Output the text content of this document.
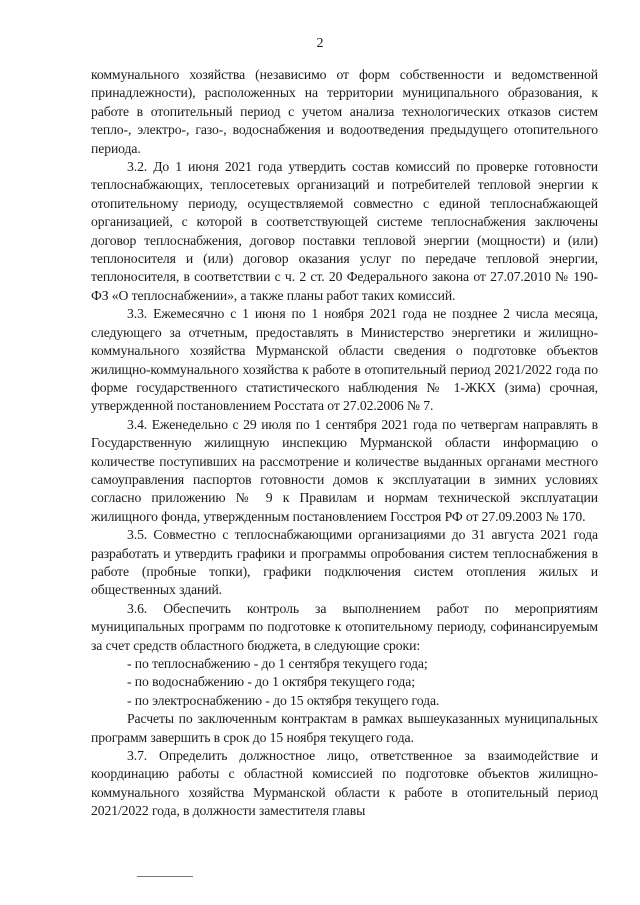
2

коммунального хозяйства (независимо от форм собственности и ведомственной принадлежности), расположенных на территории муниципального образования, к работе в отопительный период с учетом анализа технологических отказов систем тепло-, электро-, газо-, водоснабжения и водоотведения предыдущего отопительного периода.

3.2. До 1 июня 2021 года утвердить состав комиссий по проверке готовности теплоснабжающих, теплосетевых организаций и потребителей тепловой энергии к отопительному периоду, осуществляемой совместно с единой теплоснабжающей организацией, с которой в соответствующей системе теплоснабжения заключены договор теплоснабжения, договор поставки тепловой энергии (мощности) и (или) теплоносителя и (или) договор оказания услуг по передаче тепловой энергии, теплоносителя, в соответствии с ч. 2 ст. 20 Федерального закона от 27.07.2010 № 190-ФЗ «О теплоснабжении», а также планы работ таких комиссий.

3.3. Ежемесячно с 1 июня по 1 ноября 2021 года не позднее 2 числа месяца, следующего за отчетным, предоставлять в Министерство энергетики и жилищно-коммунального хозяйства Мурманской области сведения о подготовке объектов жилищно-коммунального хозяйства к работе в отопительный период 2021/2022 года по форме государственного статистического наблюдения № 1-ЖКХ (зима) срочная, утвержденной постановлением Росстата от 27.02.2006 № 7.

3.4. Еженедельно с 29 июля по 1 сентября 2021 года по четвергам направлять в Государственную жилищную инспекцию Мурманской области информацию о количестве поступивших на рассмотрение и количестве выданных органами местного самоуправления паспортов готовности домов к эксплуатации в зимних условиях согласно приложению № 9 к Правилам и нормам технической эксплуатации жилищного фонда, утвержденным постановлением Госстроя РФ от 27.09.2003 № 170.

3.5. Совместно с теплоснабжающими организациями до 31 августа 2021 года разработать и утвердить графики и программы опробования систем теплоснабжения в работе (пробные топки), графики подключения систем отопления жилых и общественных зданий.

3.6. Обеспечить контроль за выполнением работ по мероприятиям муниципальных программ по подготовке к отопительному периоду, софинансируемым за счет средств областного бюджета, в следующие сроки:

- по теплоснабжению - до 1 сентября текущего года;
- по водоснабжению - до 1 октября текущего года;
- по электроснабжению - до 15 октября текущего года.

Расчеты по заключенным контрактам в рамках вышеуказанных муниципальных программ завершить в срок до 15 ноября текущего года.

3.7. Определить должностное лицо, ответственное за взаимодействие и координацию работы с областной комиссией по подготовке объектов жилищно-коммунального хозяйства Мурманской области к работе в отопительный период 2021/2022 года, в должности заместителя главы
